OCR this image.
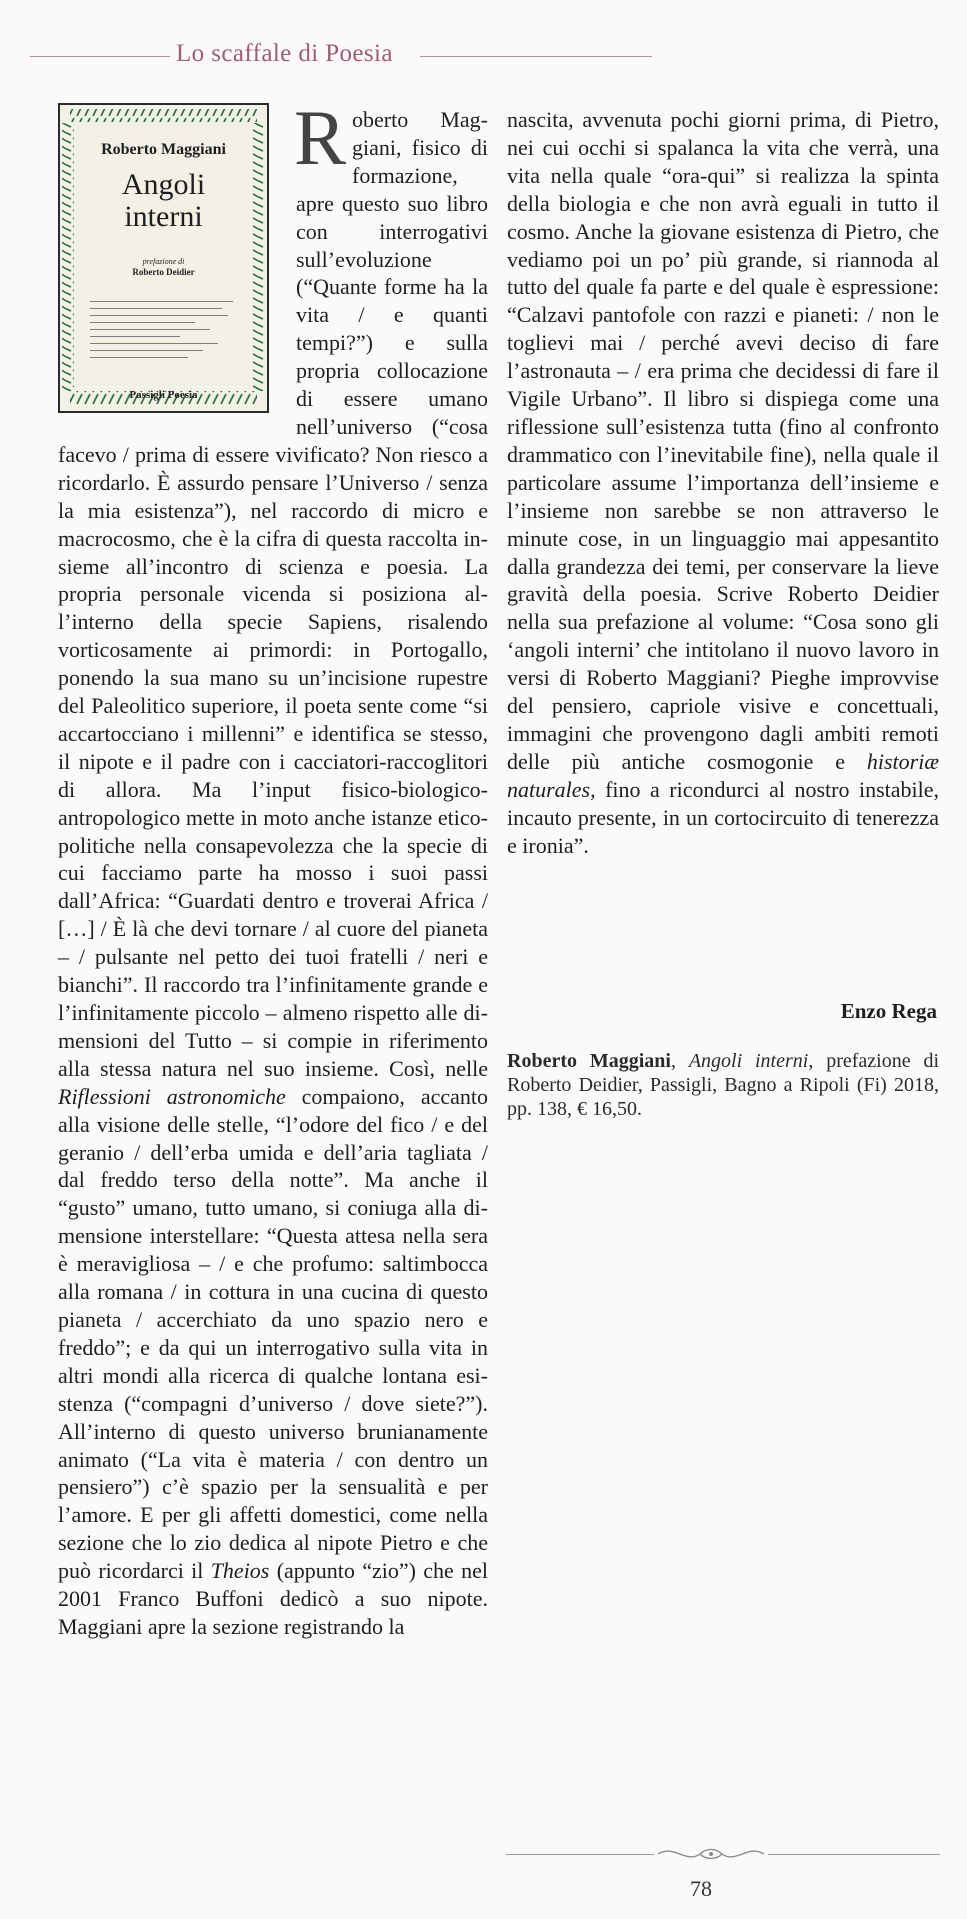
Lo scaffale di Poesia
Roberto Maggiani
Angoli
interni
prefazione di
Roberto Deidier
Passigli Poesia
Roberto Maggiani, fisico di formazione, apre questo suo libro con interrogativi sull’evoluzione (“Quante forme ha la vita / e quanti tempi?”) e sulla propria collocazione di essere umano nell’universo (“cosa facevo / prima di essere vivificato? Non riesco a ricordarlo. È assurdo pensare l’Universo / senza la mia esistenza”), nel raccordo di micro e macrocosmo, che è la cifra di questa raccolta insieme all’incontro di scienza e poesia. La propria personale vicenda si posiziona all’interno della specie Sapiens, risalendo vorticosamente ai primordi: in Portogallo, ponendo la sua mano su un’incisione rupestre del Paleolitico superiore, il poeta sente come “si accartocciano i millenni” e identifica se stesso, il nipote e il padre con i cacciatori-raccoglitori di allora. Ma l’input fisico-biologico-antropologico mette in moto anche istanze etico-politiche nella consapevolezza che la specie di cui facciamo parte ha mosso i suoi passi dall’Africa: “Guardati dentro e troverai Africa / […] / È là che devi tornare / al cuore del pianeta – / pulsante nel petto dei tuoi fratelli / neri e bianchi”. Il raccordo tra l’infinitamente grande e l’infinitamente piccolo – almeno rispetto alle dimensioni del Tutto – si compie in riferimento alla stessa natura nel suo insieme. Così, nelle Riflessioni astronomiche compaiono, accanto alla visione delle stelle, “l’odore del fico / e del geranio / dell’erba umida e dell’aria tagliata / dal freddo terso della notte”. Ma anche il “gusto” umano, tutto umano, si coniuga alla dimensione interstellare: “Questa attesa nella sera è meravigliosa – / e che profumo: saltimbocca alla romana / in cottura in una cucina di questo pianeta / accerchiato da uno spazio nero e freddo”; e da qui un interrogativo sulla vita in altri mondi alla ricerca di qualche lontana esistenza (“compagni d’universo / dove siete?”). All’interno di questo universo brunianamente animato (“La vita è materia / con dentro un pensiero”) c’è spazio per la sensualità e per l’amore. E per gli affetti domestici, come nella sezione che lo zio dedica al nipote Pietro e che può ricordarci il Theios (appunto “zio”) che nel 2001 Franco Buffoni dedicò a suo nipote. Maggiani apre la sezione registrando la
nascita, avvenuta pochi giorni prima, di Pietro, nei cui occhi si spalanca la vita che verrà, una vita nella quale “ora-qui” si realizza la spinta della biologia e che non avrà eguali in tutto il cosmo. Anche la giovane esistenza di Pietro, che vediamo poi un po’ più grande, si riannoda al tutto del quale fa parte e del quale è espressione: “Calzavi pantofole con razzi e pianeti: / non le toglievi mai / perché avevi deciso di fare l’astronauta – / era prima che decidessi di fare il Vigile Urbano”. Il libro si dispiega come una riflessione sull’esistenza tutta (fino al confronto drammatico con l’inevitabile fine), nella quale il particolare assume l’importanza dell’insieme e l’insieme non sarebbe se non attraverso le minute cose, in un linguaggio mai appesantito dalla grandezza dei temi, per conservare la lieve gravità della poesia. Scrive Roberto Deidier nella sua prefazione al volume: “Cosa sono gli ‘angoli interni’ che intitolano il nuovo lavoro in versi di Roberto Maggiani? Pieghe improvvise del pensiero, capriole visive e concettuali, immagini che provengono dagli ambiti remoti delle più antiche cosmogonie e historiæ naturales, fino a ricondurci al nostro instabile, incauto presente, in un cortocircuito di tenerezza e ironia”.
Enzo Rega
Roberto Maggiani, Angoli interni, prefazione di Roberto Deidier, Passigli, Bagno a Ripoli (Fi) 2018, pp. 138, € 16,50.
78
